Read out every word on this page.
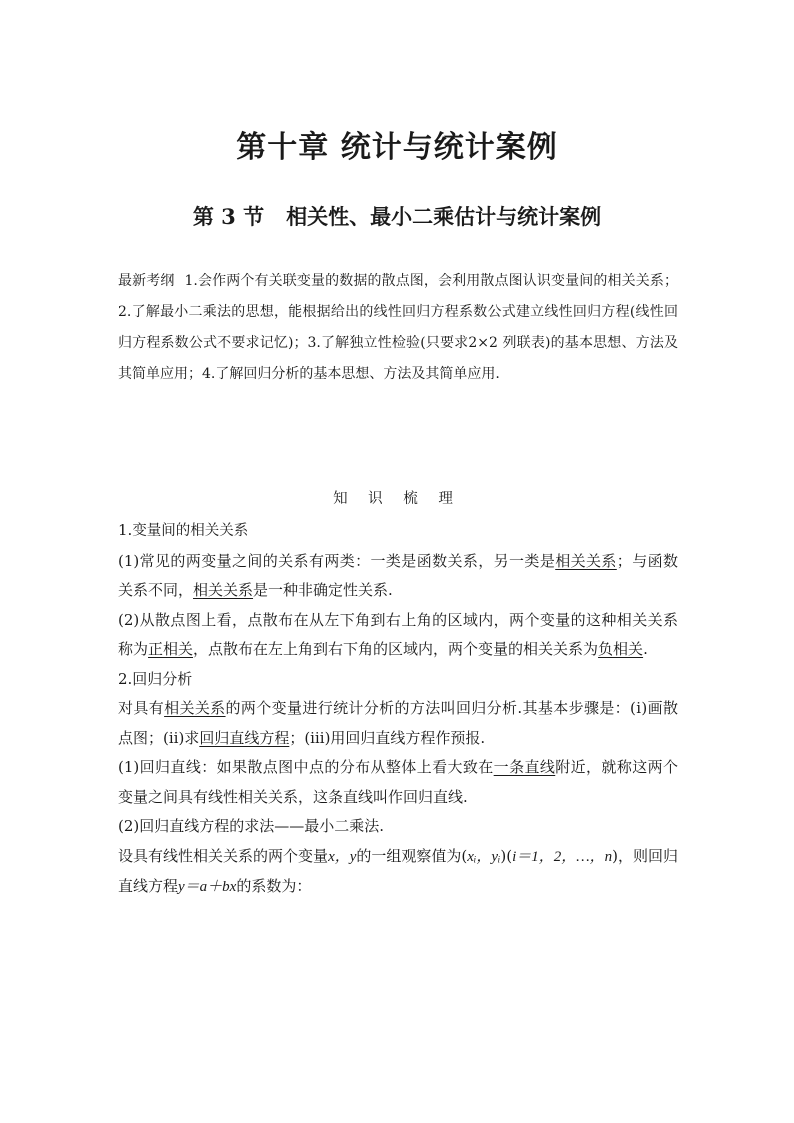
第十章 统计与统计案例
第 3 节 相关性、最小二乘估计与统计案例
最新考纲 1.会作两个有关联变量的数据的散点图，会利用散点图认识变量间的相关关系；2.了解最小二乘法的思想，能根据给出的线性回归方程系数公式建立线性回归方程(线性回归方程系数公式不要求记忆)；3.了解独立性检验(只要求2×2 列联表)的基本思想、方法及其简单应用；4.了解回归分析的基本思想、方法及其简单应用.
知 识 梳 理

1.变量间的相关关系

(1)常见的两变量之间的关系有两类：一类是函数关系，另一类是相关关系；与函数关系不同，相关关系是一种非确定性关系.

(2)从散点图上看，点散布在从左下角到右上角的区域内，两个变量的这种相关关系称为正相关，点散布在左上角到右下角的区域内，两个变量的相关关系为负相关.

2.回归分析

对具有相关关系的两个变量进行统计分析的方法叫回归分析.其基本步骤是：(ⅰ)画散点图；(ⅱ)求回归直线方程；(ⅲ)用回归直线方程作预报.

(1)回归直线：如果散点图中点的分布从整体上看大致在一条直线附近，就称这两个变量之间具有线性相关关系，这条直线叫作回归直线.

(2)回归直线方程的求法——最小二乘法.

设具有线性相关关系的两个变量x，y的一组观察值为(xᵢ，yᵢ)(i＝1，2，…，n)，则回归直线方程y＝a＋bx的系数为：
